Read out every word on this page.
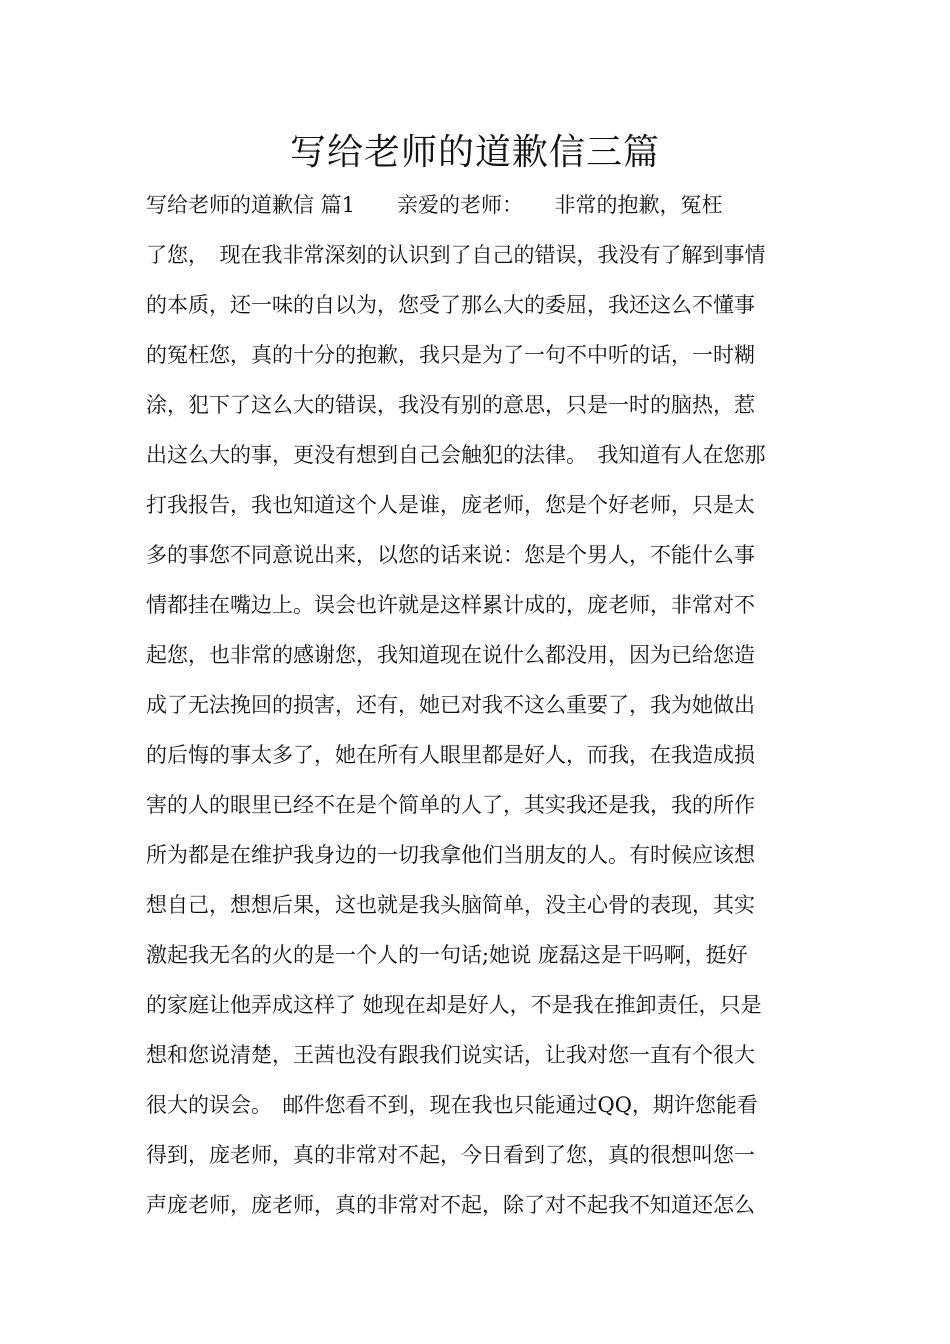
写给老师的道歉信三篇
写给老师的道歉信 篇1　　亲爱的老师：　　非常的抱歉，冤枉
了您，　现在我非常深刻的认识到了自己的错误，我没有了解到事情
的本质，还一味的自以为，您受了那么大的委屈，我还这么不懂事
的冤枉您，真的十分的抱歉，我只是为了一句不中听的话，一时糊
涂，犯下了这么大的错误，我没有别的意思，只是一时的脑热，惹
出这么大的事，更没有想到自己会触犯的法律。　我知道有人在您那
打我报告，我也知道这个人是谁，庞老师，您是个好老师，只是太
多的事您不同意说出来，以您的话来说：您是个男人，不能什么事
情都挂在嘴边上。误会也许就是这样累计成的，庞老师，非常对不
起您，也非常的感谢您，我知道现在说什么都没用，因为已给您造
成了无法挽回的损害，还有，她已对我不这么重要了，我为她做出
的后悔的事太多了，她在所有人眼里都是好人，而我，在我造成损
害的人的眼里已经不在是个简单的人了，其实我还是我，我的所作
所为都是在维护我身边的一切我拿他们当朋友的人。有时候应该想
想自己，想想后果，这也就是我头脑简单，没主心骨的表现，其实
激起我无名的火的是一个人的一句话;她说 庞磊这是干吗啊，挺好
的家庭让他弄成这样了 她现在却是好人，不是我在推卸责任，只是
想和您说清楚，王茜也没有跟我们说实话，让我对您一直有个很大
很大的误会。　邮件您看不到，现在我也只能通过QQ，期许您能看
得到，庞老师，真的非常对不起，今日看到了您，真的很想叫您一
声庞老师，庞老师，真的非常对不起，除了对不起我不知道还怎么
